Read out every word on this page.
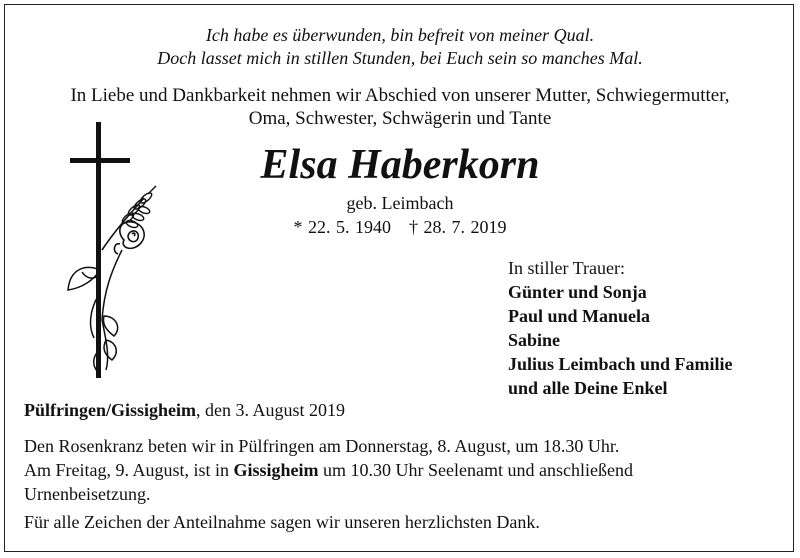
Ich habe es überwunden, bin befreit von meiner Qual.
Doch lasset mich in stillen Stunden, bei Euch sein so manches Mal.
In Liebe und Dankbarkeit nehmen wir Abschied von unserer Mutter, Schwiegermutter,
Oma, Schwester, Schwägerin und Tante
Elsa Haberkorn
geb. Leimbach
* 22. 5. 1940 † 28. 7. 2019
In stiller Trauer:
Günter und Sonja
Paul und Manuela
Sabine
Julius Leimbach und Familie
und alle Deine Enkel
Pülfringen/Gissigheim, den 3. August 2019
Den Rosenkranz beten wir in Pülfringen am Donnerstag, 8. August, um 18.30 Uhr.
Am Freitag, 9. August, ist in Gissigheim um 10.30 Uhr Seelenamt und anschließend
Urnenbeisetzung.
Für alle Zeichen der Anteilnahme sagen wir unseren herzlichsten Dank.
